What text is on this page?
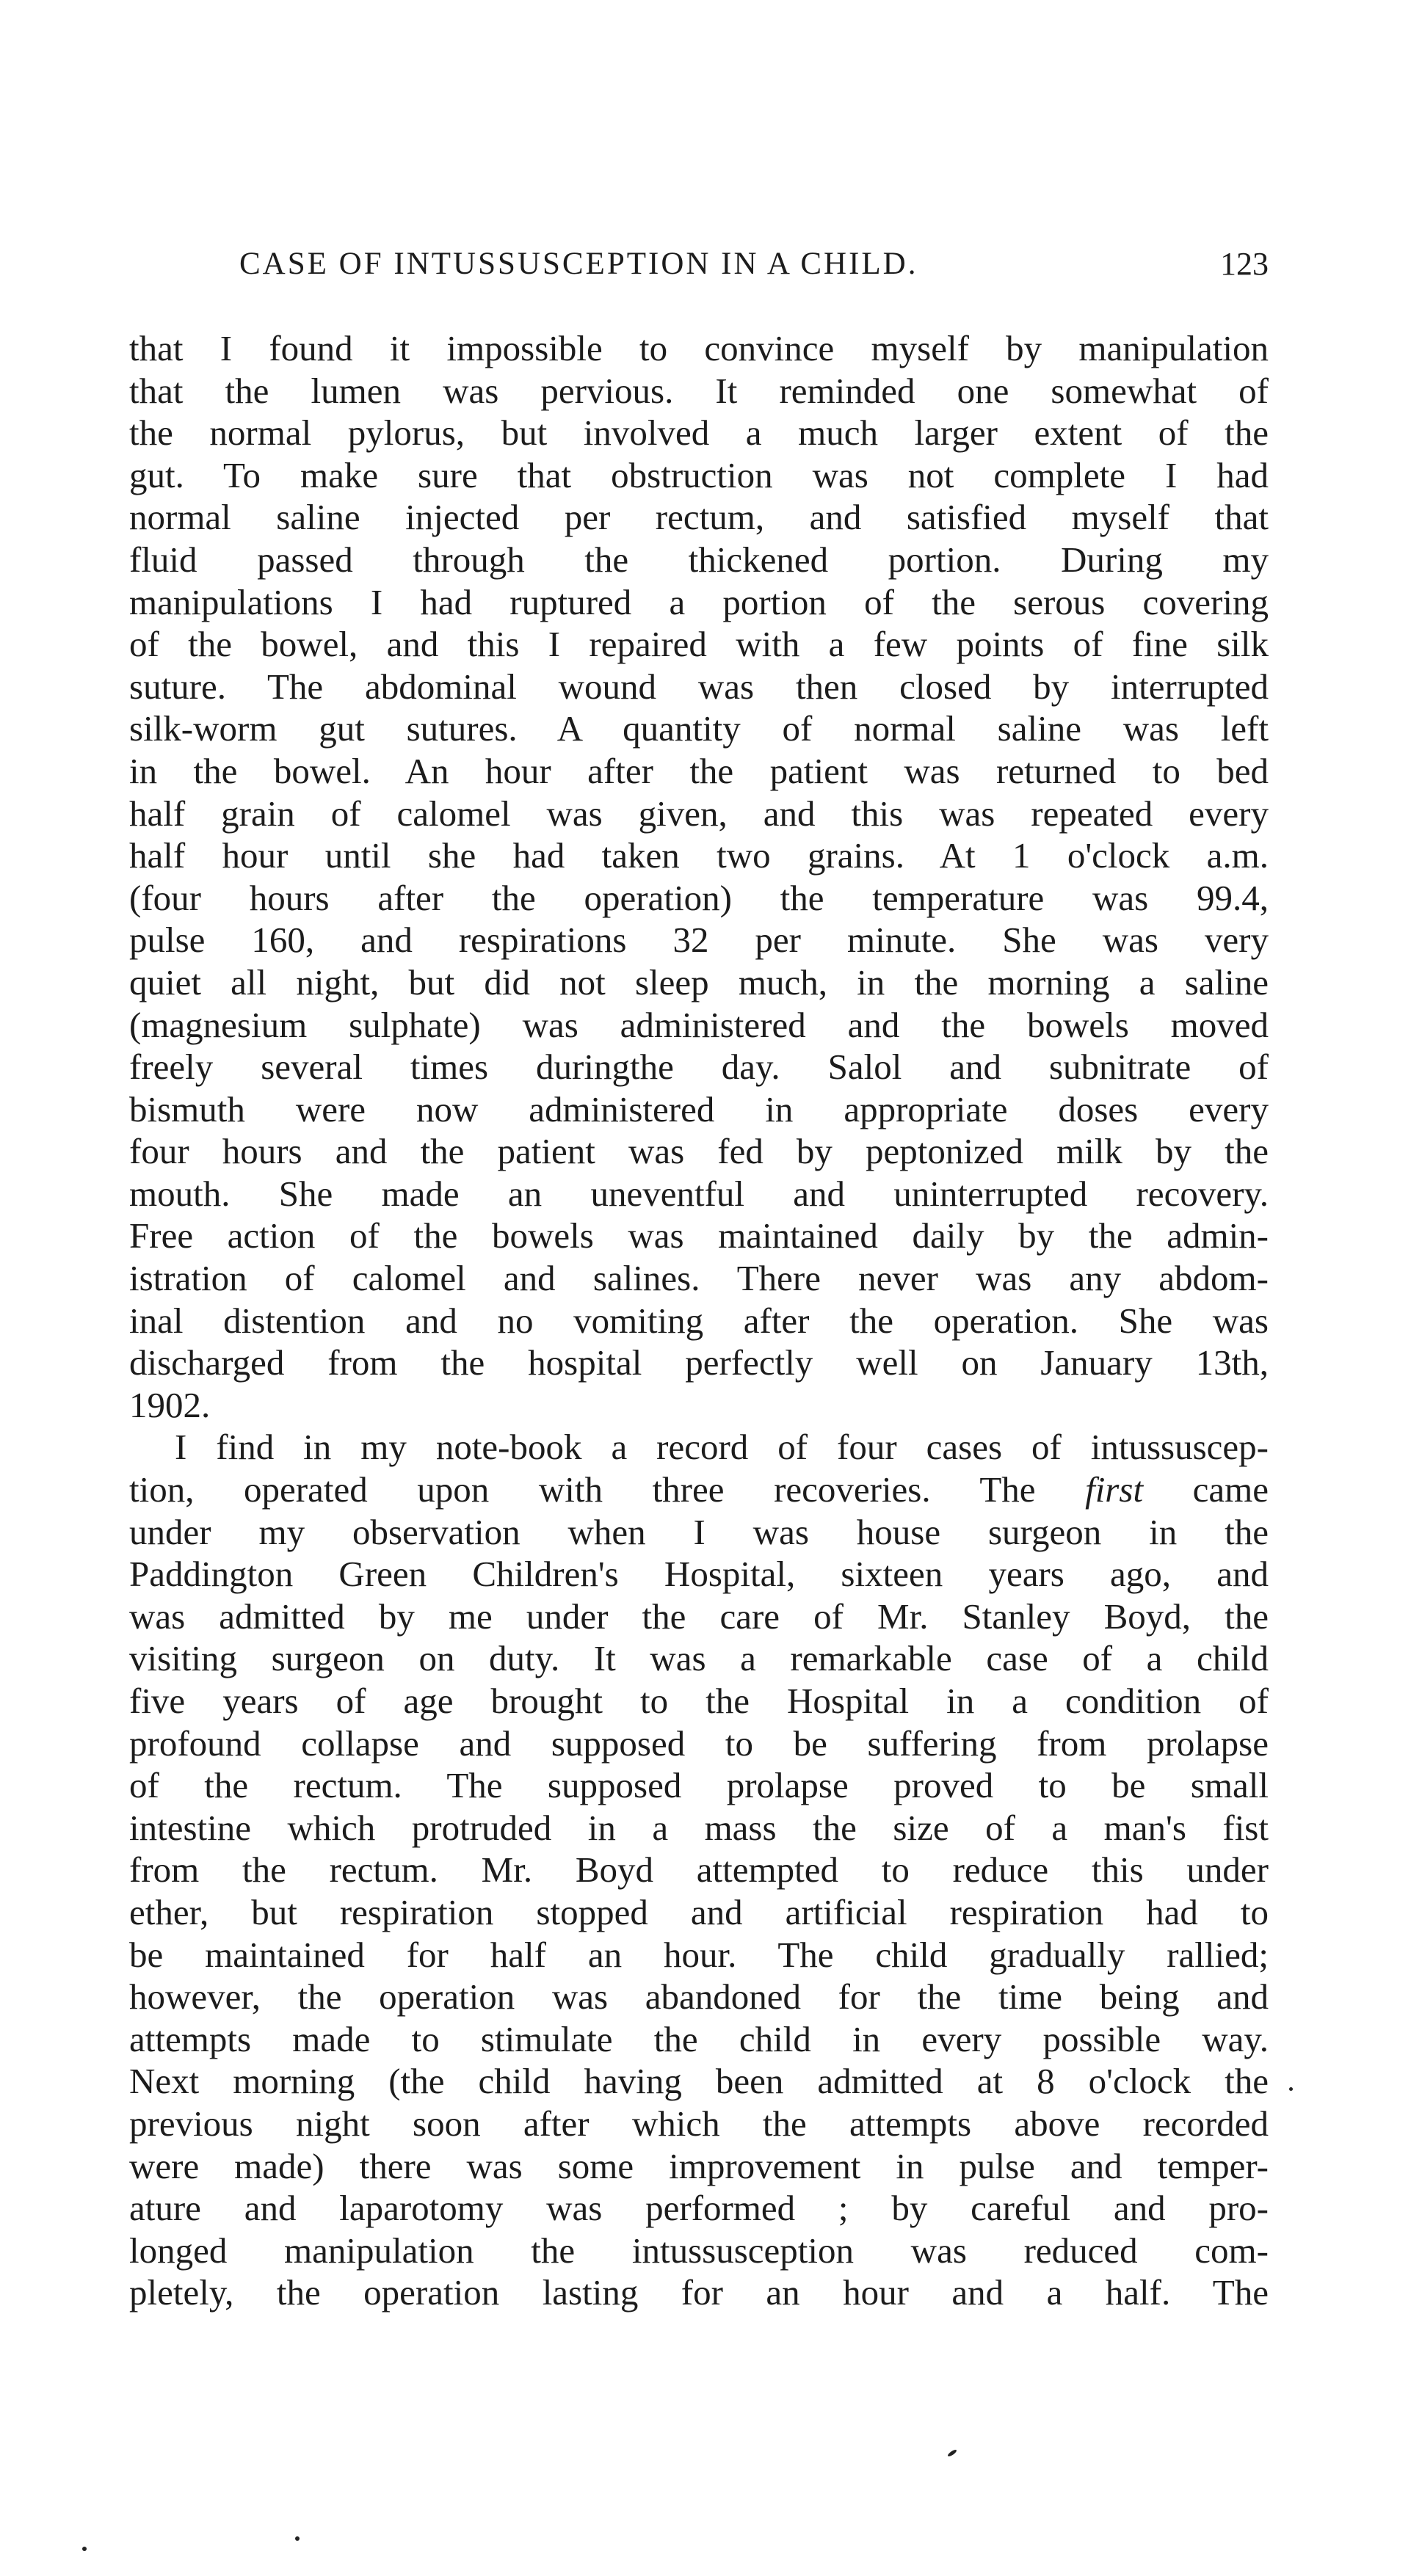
CASE OF INTUSSUSCEPTION IN A CHILD.	123
that I found it impossible to convince myself by manipulation
that the lumen was pervious. It reminded one somewhat of
the normal pylorus, but involved a much larger extent of the
gut. To make sure that obstruction was not complete I had
normal saline injected per rectum, and satisfied myself that
fluid passed through the thickened portion. During my
manipulations I had ruptured a portion of the serous covering
of the bowel, and this I repaired with a few points of fine silk
suture. The abdominal wound was then closed by interrupted
silk-worm gut sutures. A quantity of normal saline was left
in the bowel. An hour after the patient was returned to bed
half grain of calomel was given, and this was repeated every
half hour until she had taken two grains. At 1 o'clock a.m.
(four hours after the operation) the temperature was 99.4,
pulse 160, and respirations 32 per minute. She was very
quiet all night, but did not sleep much, in the morning a saline
(magnesium sulphate) was administered and the bowels moved
freely several times duringthe day. Salol and subnitrate of
bismuth were now administered in appropriate doses every
four hours and the patient was fed by peptonized milk by the
mouth. She made an uneventful and uninterrupted recovery.
Free action of the bowels was maintained daily by the admin-
istration of calomel and salines. There never was any abdom-
inal distention and no vomiting after the operation. She was
discharged from the hospital perfectly well on January 13th,
1902.
I find in my note-book a record of four cases of intussuscep-
tion, operated upon with three recoveries. The first came
under my observation when I was house surgeon in the
Paddington Green Children's Hospital, sixteen years ago, and
was admitted by me under the care of Mr. Stanley Boyd, the
visiting surgeon on duty. It was a remarkable case of a child
five years of age brought to the Hospital in a condition of
profound collapse and supposed to be suffering from prolapse
of the rectum. The supposed prolapse proved to be small
intestine which protruded in a mass the size of a man's fist
from the rectum. Mr. Boyd attempted to reduce this under
ether, but respiration stopped and artificial respiration had to
be maintained for half an hour. The child gradually rallied;
however, the operation was abandoned for the time being and
attempts made to stimulate the child in every possible way.
Next morning (the child having been admitted at 8 o'clock the
previous night soon after which the attempts above recorded
were made) there was some improvement in pulse and temper-
ature and laparotomy was performed ; by careful and pro-
longed manipulation the intussusception was reduced com-
pletely, the operation lasting for an hour and a half. The
